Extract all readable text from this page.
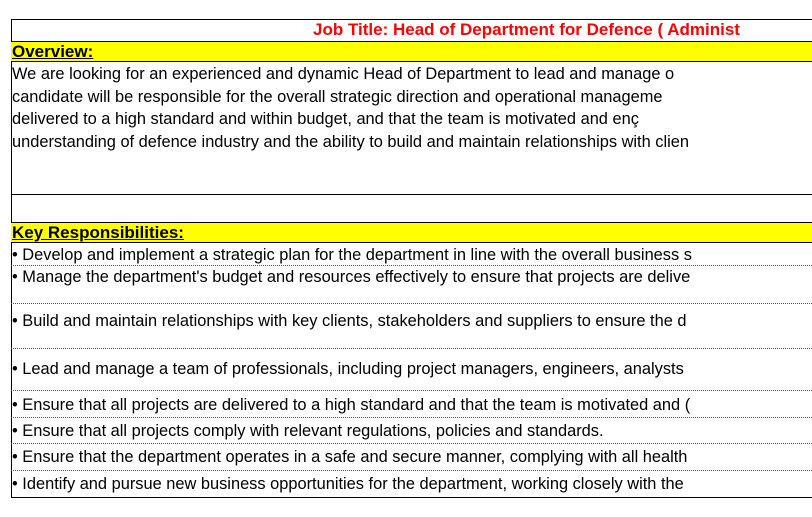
Job Title: Head of Department for Defence ( Administ
Overview:
We are looking for an experienced and dynamic Head of Department to lead and manage o
candidate will be responsible for the overall strategic direction and operational manageme
delivered to a high standard and within budget, and that the team is motivated and enç
understanding of defence industry and the ability to build and maintain relationships with clien
Key Responsibilities:
• Develop and implement a strategic plan for the department in line with the overall business s
• Manage the department's budget and resources effectively to ensure that projects are delive
• Build and maintain relationships with key clients, stakeholders and suppliers to ensure the d
• Lead and manage a team of professionals, including project managers, engineers, analysts
• Ensure that all projects are delivered to a high standard and that the team is motivated and (
• Ensure that all projects comply with relevant regulations, policies and standards.
• Ensure that the department operates in a safe and secure manner, complying with all health
• Identify and pursue new business opportunities for the department, working closely with the
